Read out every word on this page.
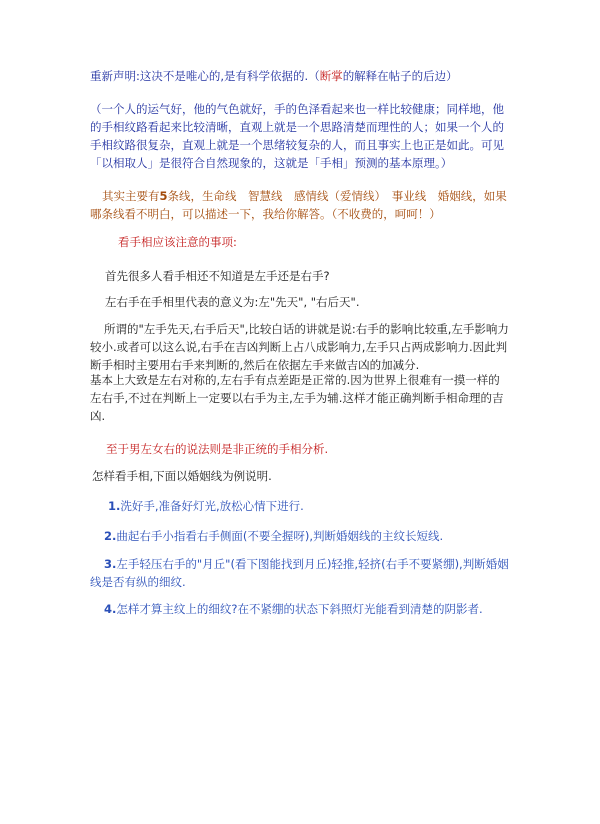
重新声明:这决不是唯心的,是有科学依据的.（断掌的解释在帖子的后边）

（一个人的运气好，他的气色就好，手的色泽看起来也一样比较健康；同样地，他的手相纹路看起来比较清晰，直观上就是一个思路清楚而理性的人；如果一个人的手相纹路很复杂，直观上就是一个思绪较复杂的人，而且事实上也正是如此。可见「以相取人」是很符合自然现象的，这就是「手相」预测的基本原理。）

其实主要有5条线，生命线　智慧线　感情线（爱情线）　事业线　婚姻线，如果哪条线看不明白，可以描述一下，我给你解答。（不收费的，呵呵！）

看手相应该注意的事项:

首先很多人看手相还不知道是左手还是右手?

左右手在手相里代表的意义为:左"先天", "右后天".

所谓的"左手先天,右手后天",比较白话的讲就是说:右手的影响比较重,左手影响力较小.或者可以这么说,右手在吉凶判断上占八成影响力,左手只占两成影响力.因此判断手相时主要用右手来判断的,然后在依据左手来做吉凶的加减分.

基本上大致是左右对称的,左右手有点差距是正常的.因为世界上很难有一摸一样的左右手,不过在判断上一定要以右手为主,左手为辅.这样才能正确判断手相命理的吉凶.

至于男左女右的说法则是非正统的手相分析.

怎样看手相,下面以婚姻线为例说明.

1.洗好手,准备好灯光,放松心情下进行.

2.曲起右手小指看右手侧面(不要全握呀),判断婚姻线的主纹长短线.

3.左手轻压右手的"月丘"(看下图能找到月丘)轻推,轻挤(右手不要紧绷),判断婚姻线是否有纵的细纹.

4.怎样才算主纹上的细纹?在不紧绷的状态下斜照灯光能看到清楚的阴影者.
